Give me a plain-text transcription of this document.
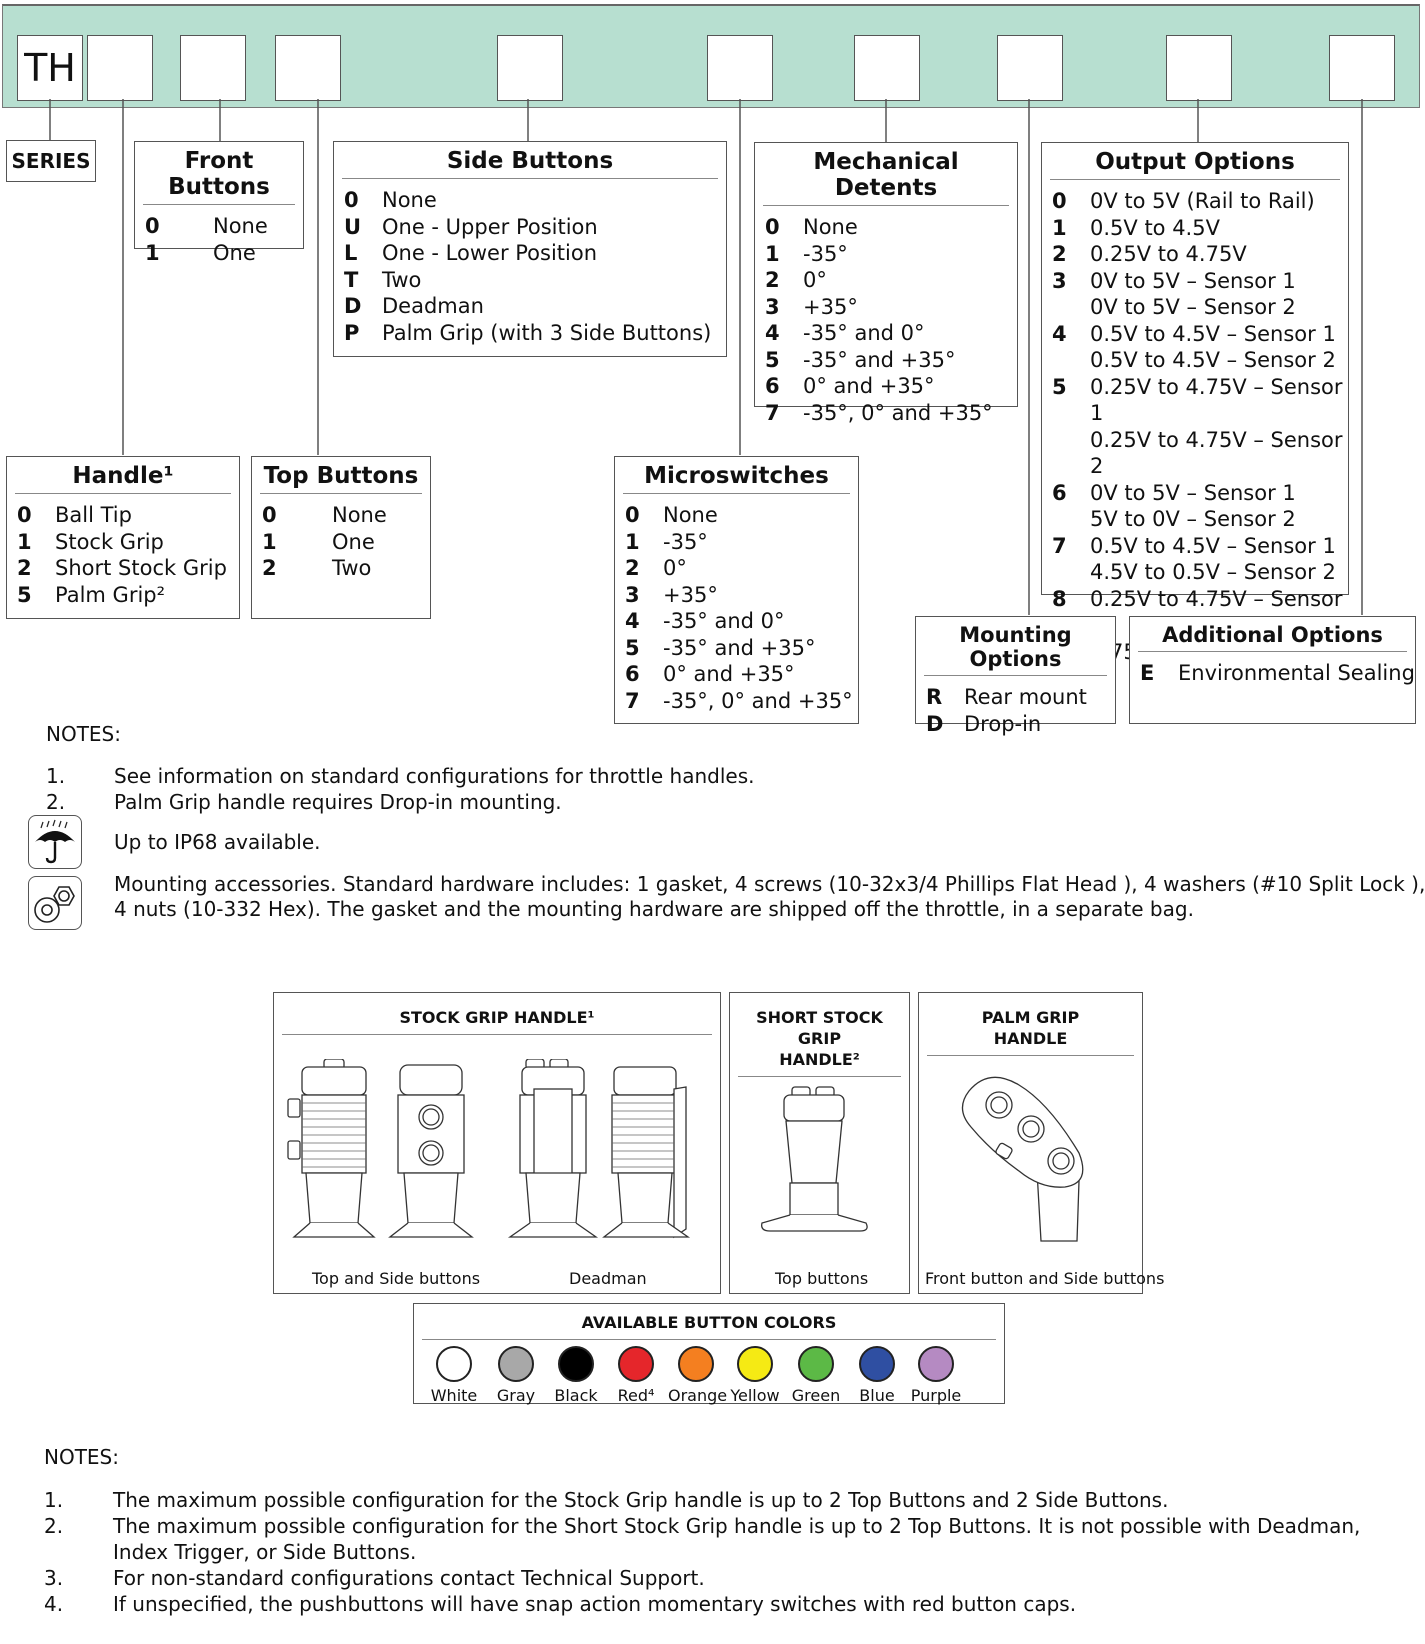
TH
SERIES	Front Buttons
0	None
1	One
Side Buttons
0	None
U	One - Upper Position
L	One - Lower Position
T	Two
D	Deadman
P	Palm Grip (with 3 Side Buttons)
Mechanical Detents
0	None
1	-35°
2	0°
3	+35°
4	-35° and 0°
5	-35° and +35°
6	0° and +35°
7	-35°, 0° and +35°
Output Options
0	0V to 5V (Rail to Rail)
1	0.5V to 4.5V
2	0.25V to 4.75V
3	0V to 5V – Sensor 1
	0V to 5V – Sensor 2
4	0.5V to 4.5V – Sensor 1
	0.5V to 4.5V – Sensor 2
5	0.25V to 4.75V – Sensor 1
	0.25V to 4.75V – Sensor 2
6	0V to 5V – Sensor 1
	5V to 0V – Sensor 2
7	0.5V to 4.5V – Sensor 1
	4.5V to 0.5V – Sensor 2
8	0.25V to 4.75V – Sensor
	4.75V
Handle¹
0	Ball Tip
1	Stock Grip
2	Short Stock Grip
5	Palm Grip²
Top Buttons
0	None
1	One
2	Two
Microswitches
0	None
1	-35°
2	0°
3	+35°
4	-35° and 0°
5	-35° and +35°
6	0° and +35°
7	-35°, 0° and +35°
Mounting Options
R	Rear mount
D	Drop-in
Additional Options
E	Environmental Sealing
NOTES:
1. See information on standard configurations for throttle handles.
2. Palm Grip handle requires Drop-in mounting.
Up to IP68 available.
Mounting accessories. Standard hardware includes: 1 gasket, 4 screws (10-32x3/4 Phillips Flat Head ), 4 washers (#10 Split Lock ),
4 nuts (10-332 Hex). The gasket and the mounting hardware are shipped off the throttle, in a separate bag.
STOCK GRIP HANDLE¹
Top and Side buttons	Deadman
SHORT STOCK GRIP
HANDLE²
Top buttons
PALM GRIP
HANDLE
Front button and Side buttons
AVAILABLE BUTTON COLORS
White	Gray	Black	Red⁴ Orange Yellow Green	Blue	Purple
NOTES:
1. The maximum possible configuration for the Stock Grip handle is up to 2 Top Buttons and 2 Side Buttons.
2. The maximum possible configuration for the Short Stock Grip handle is up to 2 Top Buttons. It is not possible with Deadman,
Index Trigger, or Side Buttons.
3. For non-standard configurations contact Technical Support.
4. If unspecified, the pushbuttons will have snap action momentary switches with red button caps.
